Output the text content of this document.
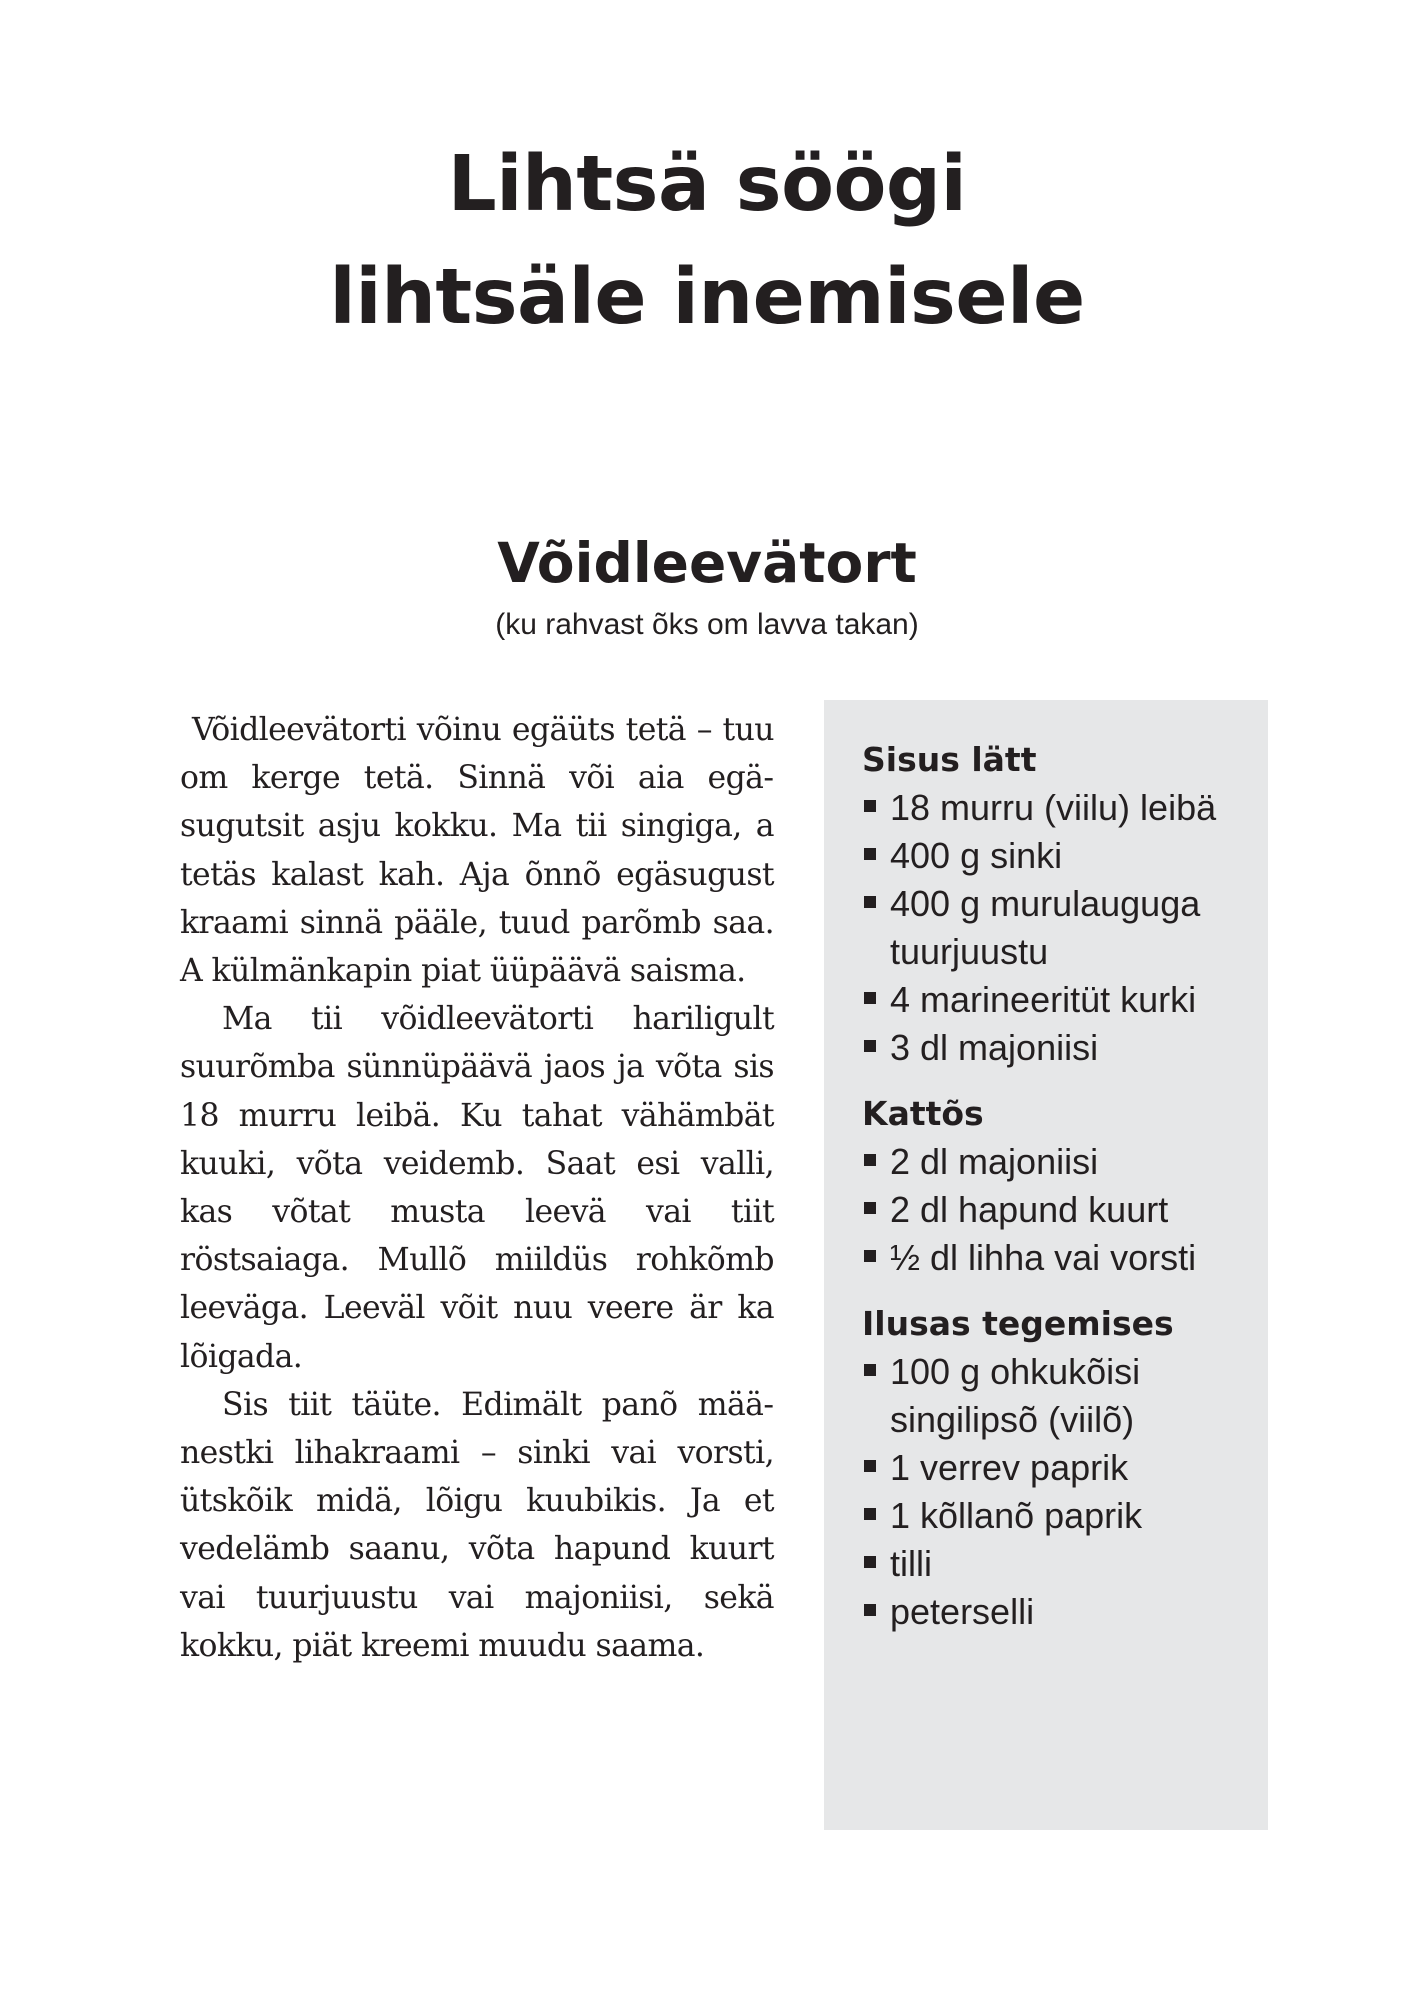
Lihtsä söögi
lihtsäle inemisele
Võidleevätort
(ku rahvast õks om lavva takan)

Võidleevätorti võinu egäüts tetä – tuu om kerge tetä. Sinnä või aia egäsugutsit asju kokku. Ma tii singiga, a tetäs kalast kah. Aja õnnõ egäsugust kraami sinnä pääle, tuud parõmb saa. A külmänkapin piat üüpäävä saisma.

Ma tii võidleevätorti hariligult suurõmba sünnüpäävä jaos ja võta sis 18 murru leibä. Ku tahat vähämbät kuuki, võta veidemb. Saat esi valli, kas võtat musta leevä vai tiit röstsaiaga. Mullõ miildüs rohkõmb leeväga. Leeväl võit nuu veere är ka lõigada.

Sis tiit täüte. Edimält panõ määnestki lihakraami – sinki vai vorsti, ütskõik midä, lõigu kuubikis. Ja et vedelämb saanu, võta hapund kuurt vai tuurjuustu vai majoniisi, sekä kokku, piät kreemi muudu saama.

Sisus lätt
18 murru (viilu) leibä
400 g sinki
400 g murulauguga tuurjuustu
4 marineeritüt kurki
3 dl majoniisi
Kattõs
2 dl majoniisi
2 dl hapund kuurt
½ dl lihha vai vorsti
Ilusas tegemises
100 g ohkukõisi singilipsõ (viilõ)
1 verrev paprik
1 kõllanõ paprik
tilli
peterselli
